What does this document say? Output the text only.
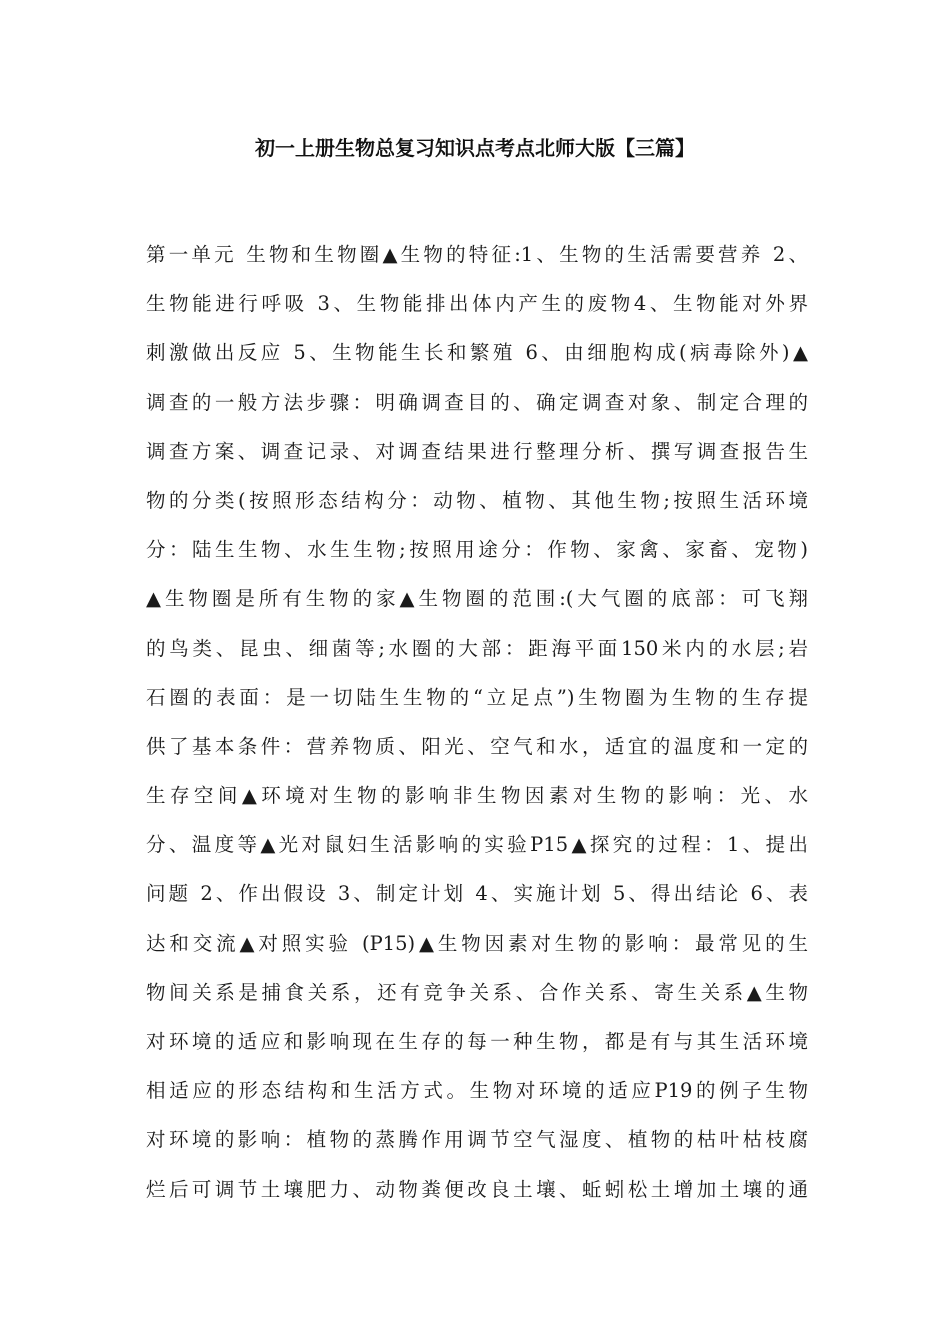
初一上册生物总复习知识点考点北师大版【三篇】
第一单元 生物和生物圈▲生物的特征:1、生物的生活需要营养 2、
生物能进行呼吸 3、生物能排出体内产生的废物4、生物能对外界
刺激做出反应 5、生物能生长和繁殖 6、由细胞构成(病毒除外)▲
调查的一般方法步骤：明确调查目的、确定调查对象、制定合理的
调查方案、调查记录、对调查结果进行整理分析、撰写调查报告生
物的分类(按照形态结构分：动物、植物、其他生物;按照生活环境
分：陆生生物、水生生物;按照用途分：作物、家禽、家畜、宠物)
▲生物圈是所有生物的家▲生物圈的范围:(大气圈的底部：可飞翔
的鸟类、昆虫、细菌等;水圈的大部：距海平面150米内的水层;岩
石圈的表面：是一切陆生生物的“立足点”)生物圈为生物的生存提
供了基本条件：营养物质、阳光、空气和水，适宜的温度和一定的
生存空间▲环境对生物的影响非生物因素对生物的影响：光、水
分、温度等▲光对鼠妇生活影响的实验P15▲探究的过程：1、提出
问题 2、作出假设 3、制定计划 4、实施计划 5、得出结论 6、表
达和交流▲对照实验 (P15)▲生物因素对生物的影响：最常见的生
物间关系是捕食关系，还有竞争关系、合作关系、寄生关系▲生物
对环境的适应和影响现在生存的每一种生物，都是有与其生活环境
相适应的形态结构和生活方式。生物对环境的适应P19的例子生物
对环境的影响：植物的蒸腾作用调节空气湿度、植物的枯叶枯枝腐
烂后可调节土壤肥力、动物粪便改良土壤、蚯蚓松土增加土壤的通
